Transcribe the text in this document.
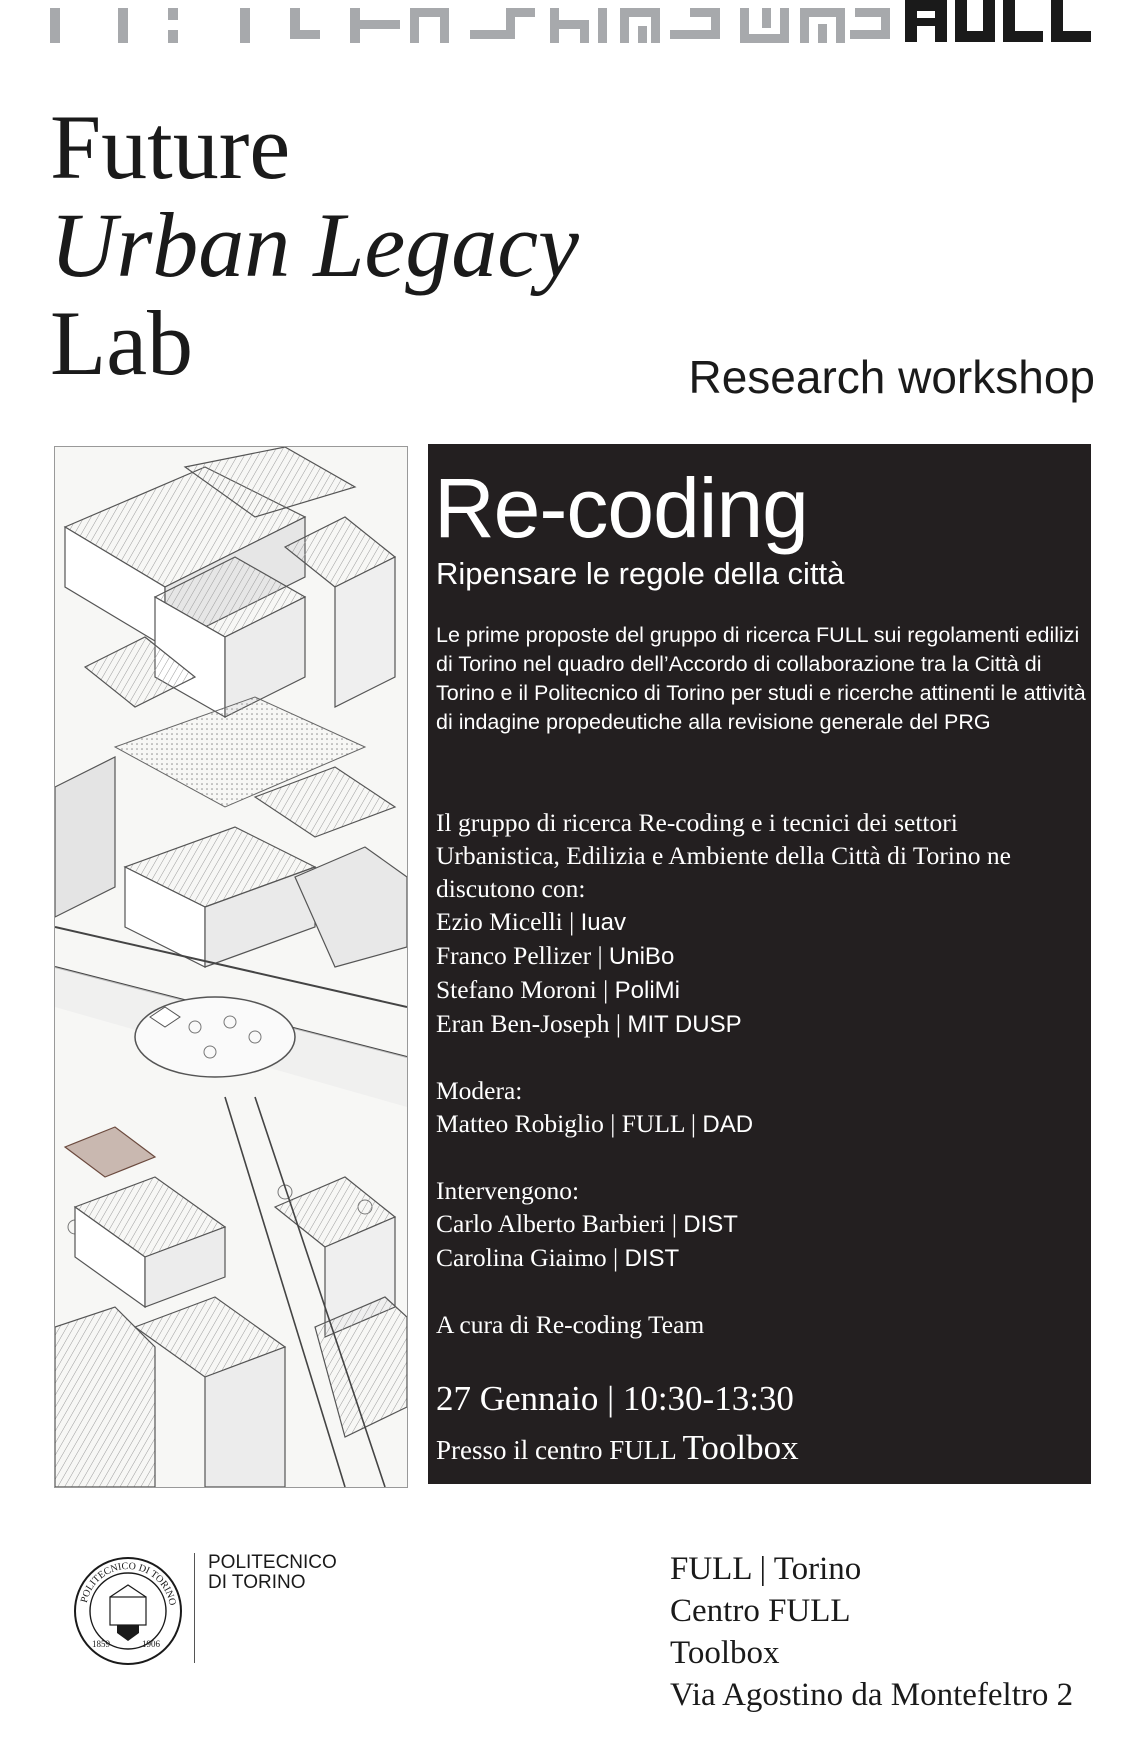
Future
Urban Legacy
Lab	Research workshop
Re-coding
Ripensare le regole della città
Le prime proposte del gruppo di ricerca FULL sui regolamenti edilizi di Torino nel quadro dell’Accordo di collaborazione tra la Città di Torino e il Politecnico di Torino per studi e ricerche attinenti le attività di indagine propedeutiche alla revisione generale del PRG
Il gruppo di ricerca Re-coding e i tecnici dei settori Urbanistica, Edilizia e Ambiente della Città di Torino ne discutono con:
Ezio Micelli | Iuav
Franco Pellizer | UniBo
Stefano Moroni | PoliMi
Eran Ben-Joseph | MIT DUSP
Modera:
Matteo Robiglio | FULL | DAD
Intervengono:
Carlo Alberto Barbieri | DIST
Carolina Giaimo | DIST
A cura di Re-coding Team
27 Gennaio | 10:30-13:30
Presso il centro FULL Toolbox
POLITECNICO DI TORINO
1859	1906
POLITECNICO
DI TORINO	FULL | Torino
Centro FULL
Toolbox
Via Agostino da Montefeltro 2
